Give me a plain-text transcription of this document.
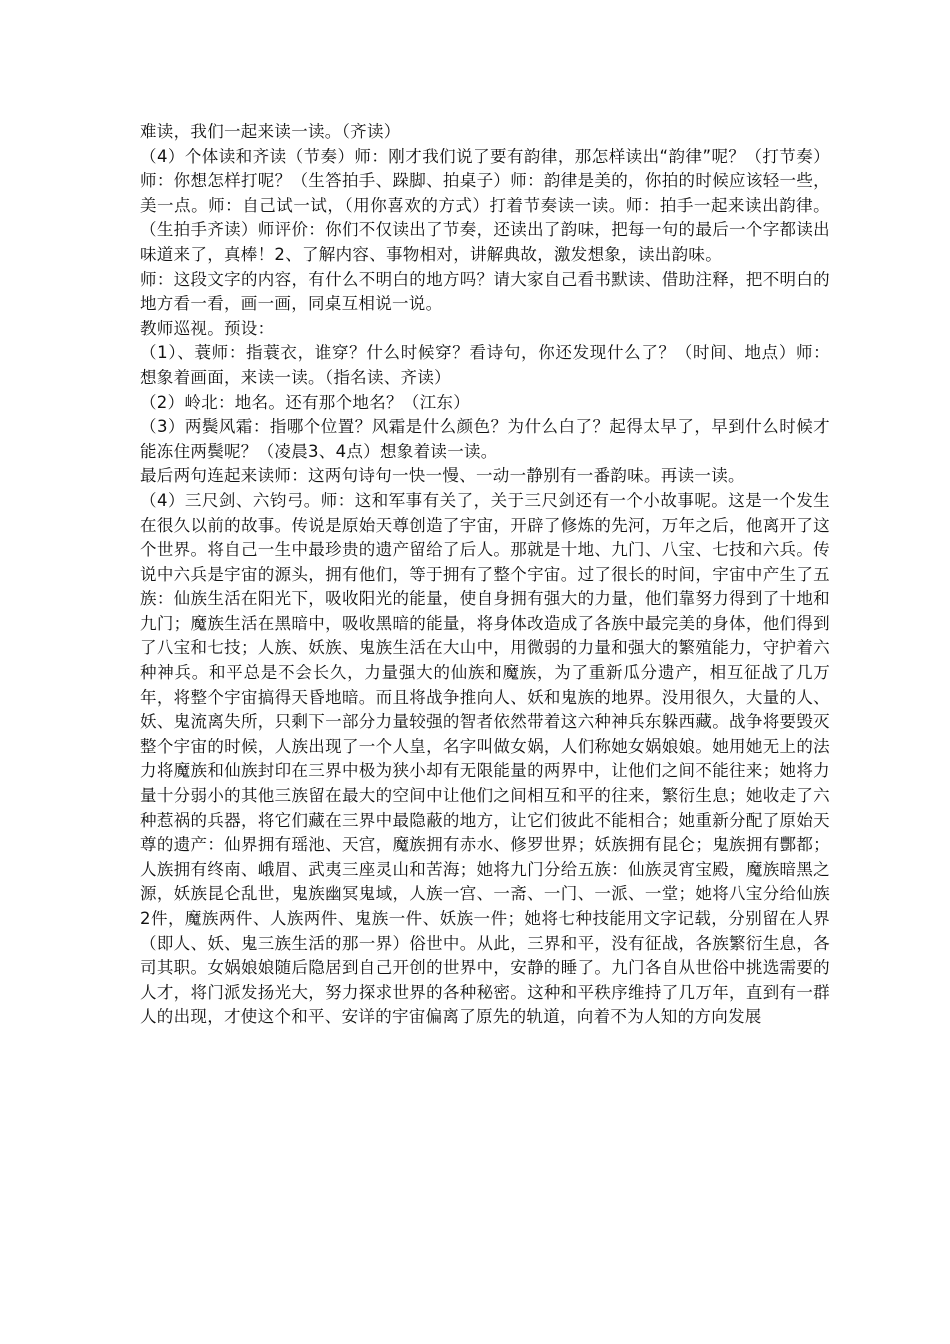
难读，我们一起来读一读。（齐读）

（4）个体读和齐读（节奏）师：刚才我们说了要有韵律，那怎样读出“韵律”呢？（打节奏）师：你想怎样打呢？（生答拍手、跺脚、拍桌子）师：韵律是美的，你拍的时候应该轻一些，美一点。师：自己试一试，（用你喜欢的方式）打着节奏读一读。师：拍手一起来读出韵律。（生拍手齐读）师评价：你们不仅读出了节奏，还读出了韵味，把每一句的最后一个字都读出味道来了，真棒！2、了解内容、事物相对，讲解典故，激发想象，读出韵味。

师：这段文字的内容，有什么不明白的地方吗？请大家自己看书默读、借助注释，把不明白的地方看一看，画一画，同桌互相说一说。

教师巡视。预设：

（1）、蓑师：指蓑衣，谁穿？什么时候穿？看诗句，你还发现什么了？（时间、地点）师：想象着画面，来读一读。（指名读、齐读）

（2）岭北：地名。还有那个地名？（江东）

（3）两鬓风霜：指哪个位置？风霜是什么颜色？为什么白了？起得太早了，早到什么时候才能冻住两鬓呢？（凌晨3、4点）想象着读一读。

最后两句连起来读师：这两句诗句一快一慢、一动一静别有一番韵味。再读一读。

（4）三尺剑、六钧弓。师：这和军事有关了，关于三尺剑还有一个小故事呢。这是一个发生在很久以前的故事。传说是原始天尊创造了宇宙，开辟了修炼的先河，万年之后，他离开了这个世界。将自己一生中最珍贵的遗产留给了后人。那就是十地、九门、八宝、七技和六兵。传说中六兵是宇宙的源头，拥有他们，等于拥有了整个宇宙。过了很长的时间，宇宙中产生了五族：仙族生活在阳光下，吸收阳光的能量，使自身拥有强大的力量，他们靠努力得到了十地和九门；魔族生活在黑暗中，吸收黑暗的能量，将身体改造成了各族中最完美的身体，他们得到了八宝和七技；人族、妖族、鬼族生活在大山中，用微弱的力量和强大的繁殖能力，守护着六种神兵。和平总是不会长久，力量强大的仙族和魔族，为了重新瓜分遗产，相互征战了几万年，将整个宇宙搞得天昏地暗。而且将战争推向人、妖和鬼族的地界。没用很久，大量的人、妖、鬼流离失所，只剩下一部分力量较强的智者依然带着这六种神兵东躲西藏。战争将要毁灭整个宇宙的时候，人族出现了一个人皇，名字叫做女娲，人们称她女娲娘娘。她用她无上的法力将魔族和仙族封印在三界中极为狭小却有无限能量的两界中，让他们之间不能往来；她将力量十分弱小的其他三族留在最大的空间中让他们之间相互和平的往来，繁衍生息；她收走了六种惹祸的兵器，将它们藏在三界中最隐蔽的地方，让它们彼此不能相合；她重新分配了原始天尊的遗产：仙界拥有瑶池、天宫，魔族拥有赤水、修罗世界；妖族拥有昆仑；鬼族拥有酆都；人族拥有终南、峨眉、武夷三座灵山和苦海；她将九门分给五族：仙族灵宵宝殿，魔族暗黑之源，妖族昆仑乱世，鬼族幽冥鬼域，人族一宫、一斋、一门、一派、一堂；她将八宝分给仙族2件，魔族两件、人族两件、鬼族一件、妖族一件；她将七种技能用文字记载，分别留在人界（即人、妖、鬼三族生活的那一界）俗世中。从此，三界和平，没有征战，各族繁衍生息，各司其职。女娲娘娘随后隐居到自己开创的世界中，安静的睡了。九门各自从世俗中挑选需要的人才，将门派发扬光大，努力探求世界的各种秘密。这种和平秩序维持了几万年，直到有一群人的出现，才使这个和平、安详的宇宙偏离了原先的轨道，向着不为人知的方向发展
